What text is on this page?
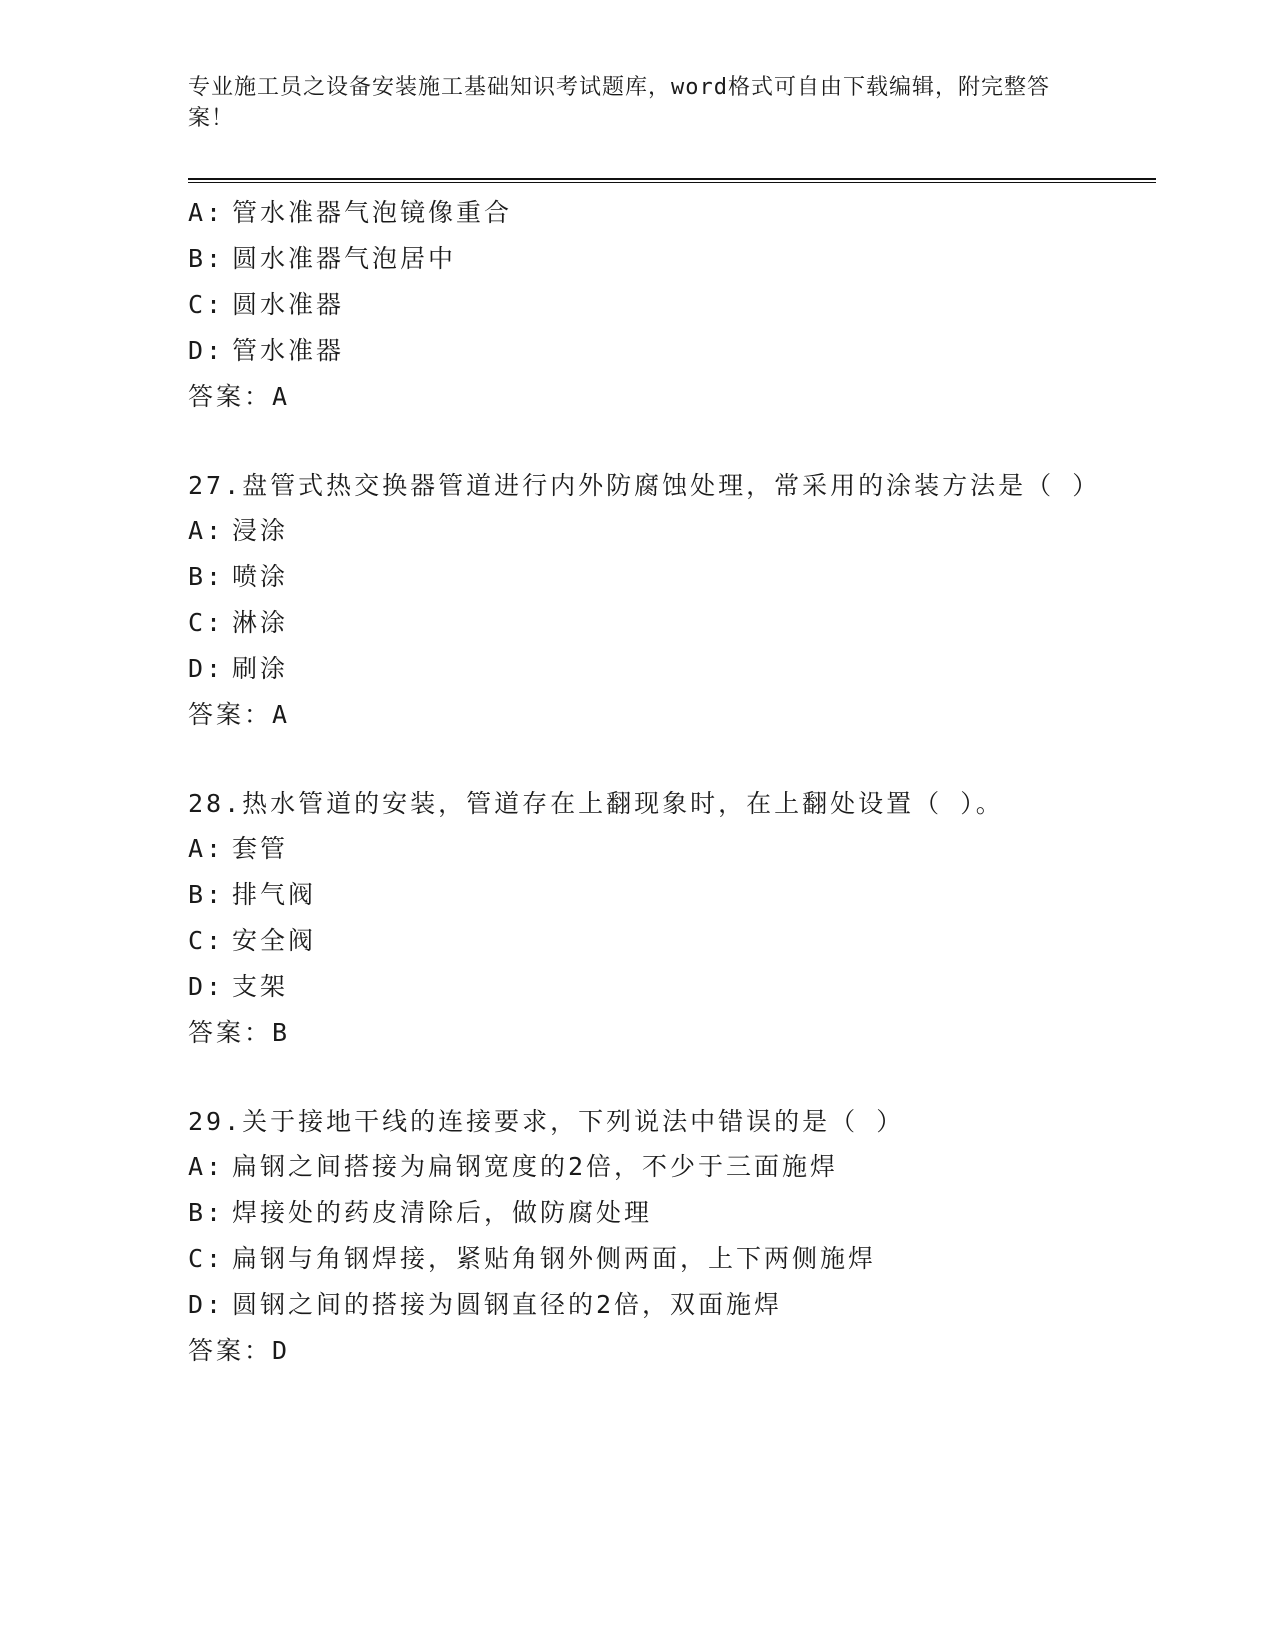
专业施工员之设备安装施工基础知识考试题库，word格式可自由下载编辑，附完整答案！
A: 管水准器气泡镜像重合
B: 圆水准器气泡居中
C: 圆水准器
D: 管水准器
答案：A
27.盘管式热交换器管道进行内外防腐蚀处理，常采用的涂装方法是（ ）
A: 浸涂
B: 喷涂
C: 淋涂
D: 刷涂
答案：A
28.热水管道的安装，管道存在上翻现象时，在上翻处设置（ ）。
A: 套管
B: 排气阀
C: 安全阀
D: 支架
答案：B
29.关于接地干线的连接要求，下列说法中错误的是（ ）
A: 扁钢之间搭接为扁钢宽度的2倍，不少于三面施焊
B: 焊接处的药皮清除后，做防腐处理
C: 扁钢与角钢焊接，紧贴角钢外侧两面，上下两侧施焊
D: 圆钢之间的搭接为圆钢直径的2倍，双面施焊
答案：D
